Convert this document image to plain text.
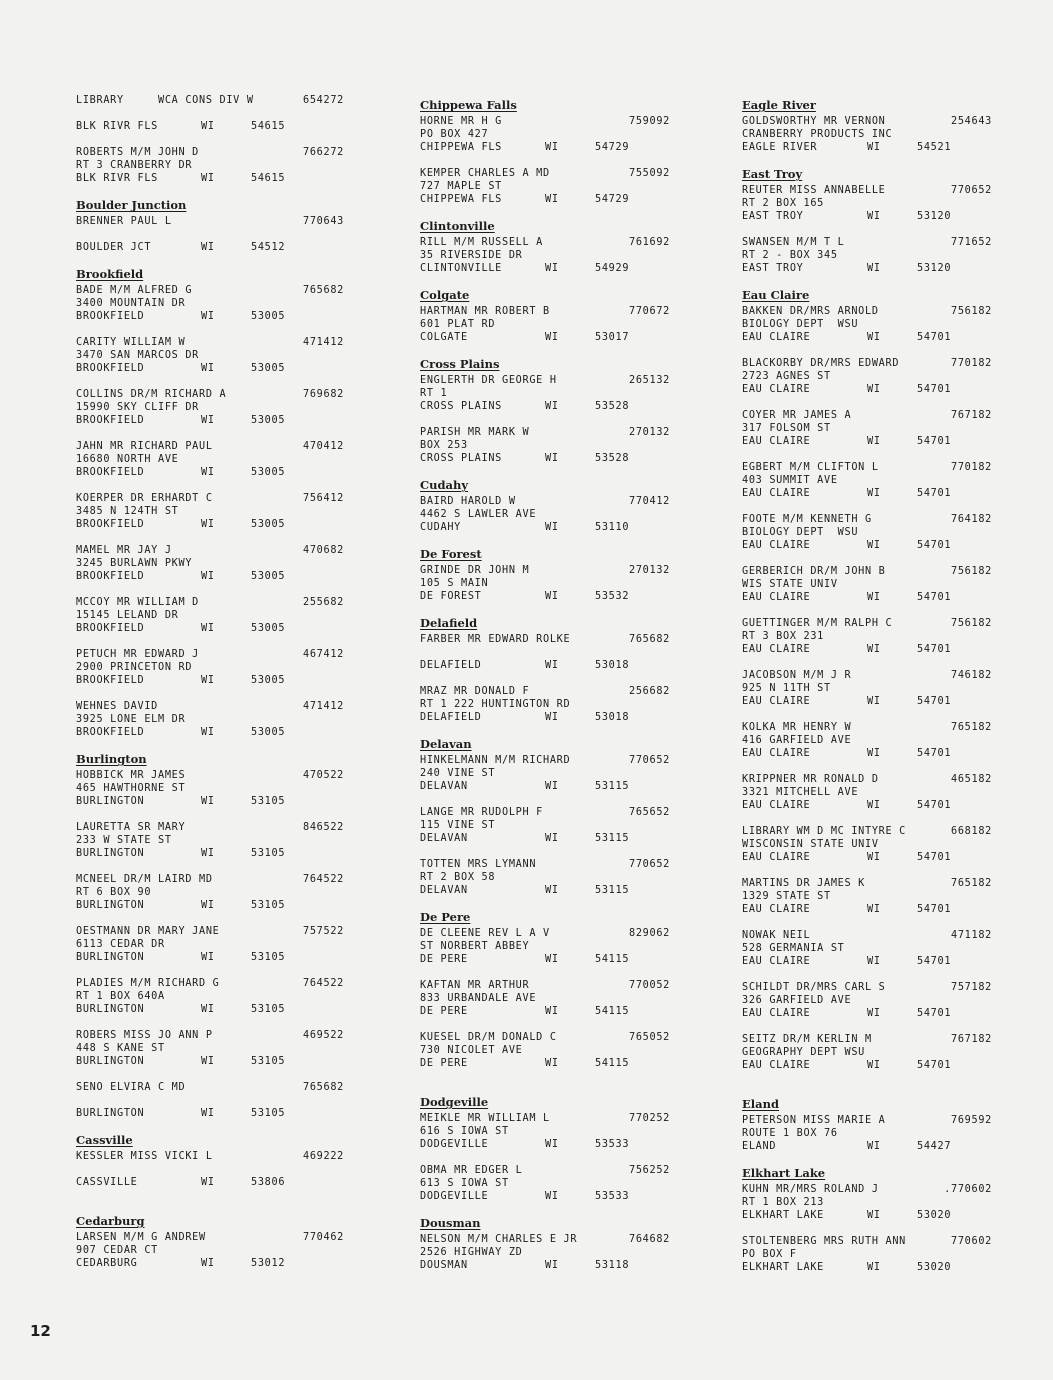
LIBRARY     WCA CONS DIV W	654272
BLK RIVR FLS	WI	54615
ROBERTS M/M JOHN D	766272
RT 3 CRANBERRY DR
BLK RIVR FLS	WI	54615
Boulder Junction
BRENNER PAUL L	770643
BOULDER JCT	WI	54512
Brookfield
BADE M/M ALFRED G	765682
3400 MOUNTAIN DR
BROOKFIELD	WI	53005
CARITY WILLIAM W	471412
3470 SAN MARCOS DR
BROOKFIELD	WI	53005
COLLINS DR/M RICHARD A	769682
15990 SKY CLIFF DR
BROOKFIELD	WI	53005
JAHN MR RICHARD PAUL	470412
16680 NORTH AVE
BROOKFIELD	WI	53005
KOERPER DR ERHARDT C	756412
3485 N 124TH ST
BROOKFIELD	WI	53005
MAMEL MR JAY J	470682
3245 BURLAWN PKWY
BROOKFIELD	WI	53005
MCCOY MR WILLIAM D	255682
15145 LELAND DR
BROOKFIELD	WI	53005
PETUCH MR EDWARD J	467412
2900 PRINCETON RD
BROOKFIELD	WI	53005
WEHNES DAVID	471412
3925 LONE ELM DR
BROOKFIELD	WI	53005
Burlington
HOBBICK MR JAMES	470522
465 HAWTHORNE ST
BURLINGTON	WI	53105
LAURETTA SR MARY	846522
233 W STATE ST
BURLINGTON	WI	53105
MCNEEL DR/M LAIRD MD	764522
RT 6 BOX 90
BURLINGTON	WI	53105
OESTMANN DR MARY JANE	757522
6113 CEDAR DR
BURLINGTON	WI	53105
PLADIES M/M RICHARD G	764522
RT 1 BOX 640A
BURLINGTON	WI	53105
ROBERS MISS JO ANN P	469522
448 S KANE ST
BURLINGTON	WI	53105
SENO ELVIRA C MD	765682
BURLINGTON	WI	53105
Cassville
KESSLER MISS VICKI L	469222
CASSVILLE	WI	53806
Cedarburg
LARSEN M/M G ANDREW	770462
907 CEDAR CT
CEDARBURG	WI	53012
Chippewa Falls
HORNE MR H G	759092
PO BOX 427
CHIPPEWA FLS	WI	54729
KEMPER CHARLES A MD	755092
727 MAPLE ST
CHIPPEWA FLS	WI	54729
Clintonville
RILL M/M RUSSELL A	761692
35 RIVERSIDE DR
CLINTONVILLE	WI	54929
Colgate
HARTMAN MR ROBERT B	770672
601 PLAT RD
COLGATE	WI	53017
Cross Plains
ENGLERTH DR GEORGE H	265132
RT 1
CROSS PLAINS	WI	53528
PARISH MR MARK W	270132
BOX 253
CROSS PLAINS	WI	53528
Cudahy
BAIRD HAROLD W	770412
4462 S LAWLER AVE
CUDAHY	WI	53110
De Forest
GRINDE DR JOHN M	270132
105 S MAIN
DE FOREST	WI	53532
Delafield
FARBER MR EDWARD ROLKE	765682
DELAFIELD	WI	53018
MRAZ MR DONALD F	256682
RT 1 222 HUNTINGTON RD
DELAFIELD	WI	53018
Delavan
HINKELMANN M/M RICHARD	770652
240 VINE ST
DELAVAN	WI	53115
LANGE MR RUDOLPH F	765652
115 VINE ST
DELAVAN	WI	53115
TOTTEN MRS LYMANN	770652
RT 2 BOX 58
DELAVAN	WI	53115
De Pere
DE CLEENE REV L A V	829062
ST NORBERT ABBEY
DE PERE	WI	54115
KAFTAN MR ARTHUR	770052
833 URBANDALE AVE
DE PERE	WI	54115
KUESEL DR/M DONALD C	765052
730 NICOLET AVE
DE PERE	WI	54115
Dodgeville
MEIKLE MR WILLIAM L	770252
616 S IOWA ST
DODGEVILLE	WI	53533
OBMA MR EDGER L	756252
613 S IOWA ST
DODGEVILLE	WI	53533
Dousman
NELSON M/M CHARLES E JR	764682
2526 HIGHWAY ZD
DOUSMAN	WI	53118
Eagle River
GOLDSWORTHY MR VERNON	254643
CRANBERRY PRODUCTS INC
EAGLE RIVER	WI	54521
East Troy
REUTER MISS ANNABELLE	770652
RT 2 BOX 165
EAST TROY	WI	53120
SWANSEN M/M T L	771652
RT 2 - BOX 345
EAST TROY	WI	53120
Eau Claire
BAKKEN DR/MRS ARNOLD	756182
BIOLOGY DEPT  WSU
EAU CLAIRE	WI	54701
BLACKORBY DR/MRS EDWARD	770182
2723 AGNES ST
EAU CLAIRE	WI	54701
COYER MR JAMES A	767182
317 FOLSOM ST
EAU CLAIRE	WI	54701
EGBERT M/M CLIFTON L	770182
403 SUMMIT AVE
EAU CLAIRE	WI	54701
FOOTE M/M KENNETH G	764182
BIOLOGY DEPT  WSU
EAU CLAIRE	WI	54701
GERBERICH DR/M JOHN B	756182
WIS STATE UNIV
EAU CLAIRE	WI	54701
GUETTINGER M/M RALPH C	756182
RT 3 BOX 231
EAU CLAIRE	WI	54701
JACOBSON M/M J R	746182
925 N 11TH ST
EAU CLAIRE	WI	54701
KOLKA MR HENRY W	765182
416 GARFIELD AVE
EAU CLAIRE	WI	54701
KRIPPNER MR RONALD D	465182
3321 MITCHELL AVE
EAU CLAIRE	WI	54701
LIBRARY WM D MC INTYRE C	668182
WISCONSIN STATE UNIV
EAU CLAIRE	WI	54701
MARTINS DR JAMES K	765182
1329 STATE ST
EAU CLAIRE	WI	54701
NOWAK NEIL	471182
528 GERMANIA ST
EAU CLAIRE	WI	54701
SCHILDT DR/MRS CARL S	757182
326 GARFIELD AVE
EAU CLAIRE	WI	54701
SEITZ DR/M KERLIN M	767182
GEOGRAPHY DEPT WSU
EAU CLAIRE	WI	54701
Eland
PETERSON MISS MARIE A	769592
ROUTE 1 BOX 76
ELAND	WI	54427
Elkhart Lake
KUHN MR/MRS ROLAND J	.770602
RT 1 BOX 213
ELKHART LAKE	WI	53020
STOLTENBERG MRS RUTH ANN	770602
PO BOX F
ELKHART LAKE	WI	53020
12
